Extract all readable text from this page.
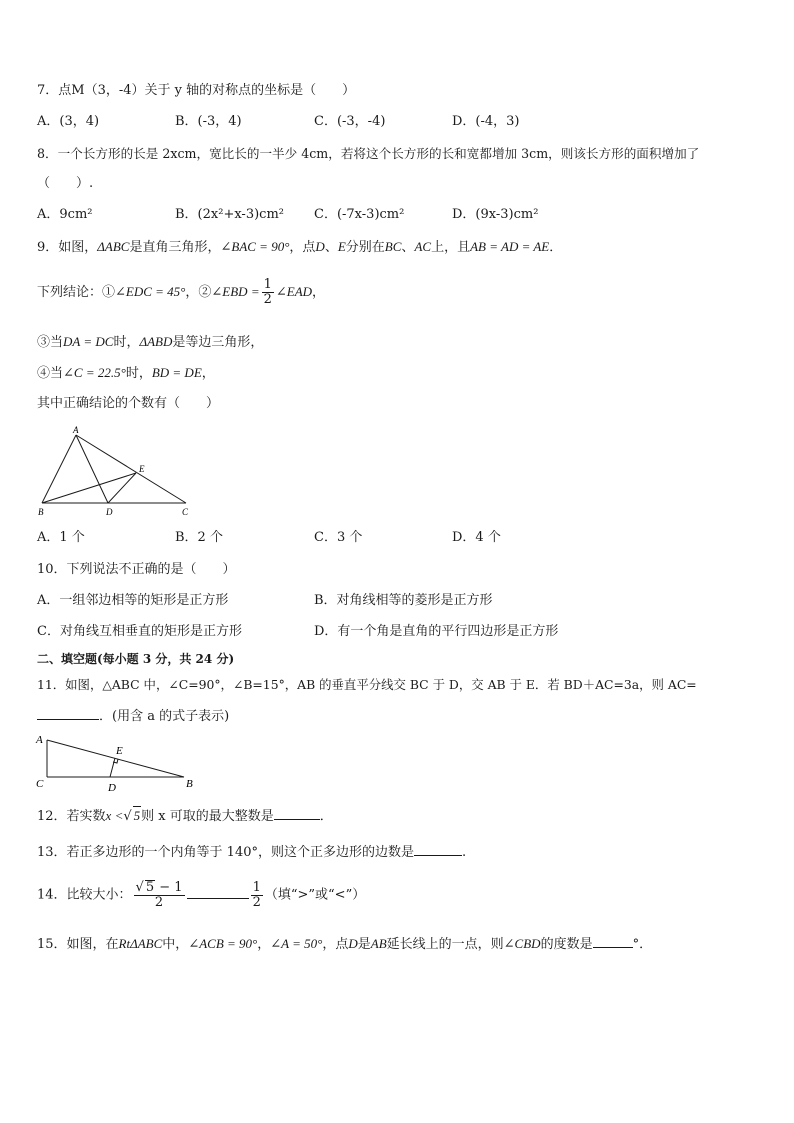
7．点M（3，-4）关于 y 轴的对称点的坐标是（　　）
A．(3，4)	B．(-3，4)	C．(-3，-4)	D．(-4，3)
8．一个长方形的长是 2xcm，宽比长的一半少 4cm，若将这个长方形的长和宽都增加 3cm，则该长方形的面积增加了
（　　）.
A．9cm²	B．(2x²+x-3)cm² C．(-7x-3)cm²	D．(9x-3)cm²
9．如图，ΔABC是直角三角形，∠BAC = 90°，点D、E分别在BC、AC上，且AB = AD = AE．
下列结论：①∠EDC = 45°，②∠EBD = $\frac{1}{2}$ ∠EAD，
③当DA = DC时，ΔABD是等边三角形，
④当∠C = 22.5°时，BD = DE，
其中正确结论的个数有（　　）
A
B	C
D
E
A．1 个	B．2 个	C．3 个	D．4 个
10．下列说法不正确的是（　　）
A．一组邻边相等的矩形是正方形	B．对角线相等的菱形是正方形
C．对角线互相垂直的矩形是正方形	D．有一个角是直角的平行四边形是正方形
二、填空题(每小题 3 分，共 24 分)
11．如图，△ABC 中，∠C=90°，∠B=15°，AB 的垂直平分线交 BC 于 D，交 AB 于 E．若 BD＋AC=3a，则 AC=
．(用含 a 的式子表示)
A
C	B
E
D
12．若实数x <√ 5则 x 可取的最大整数是	．
13．若正多边形的一个内角等于 140°，则这个正多边形的边数是	.
14．比较大小： $\frac{√ 5 - 1}{2}$	$\frac{1}{2}$ （填“>”或“<”）
15．如图，在RtΔABC中，∠ACB = 90°，∠A = 50°，点D是AB延长线上的一点，则∠CBD的度数是	°．
